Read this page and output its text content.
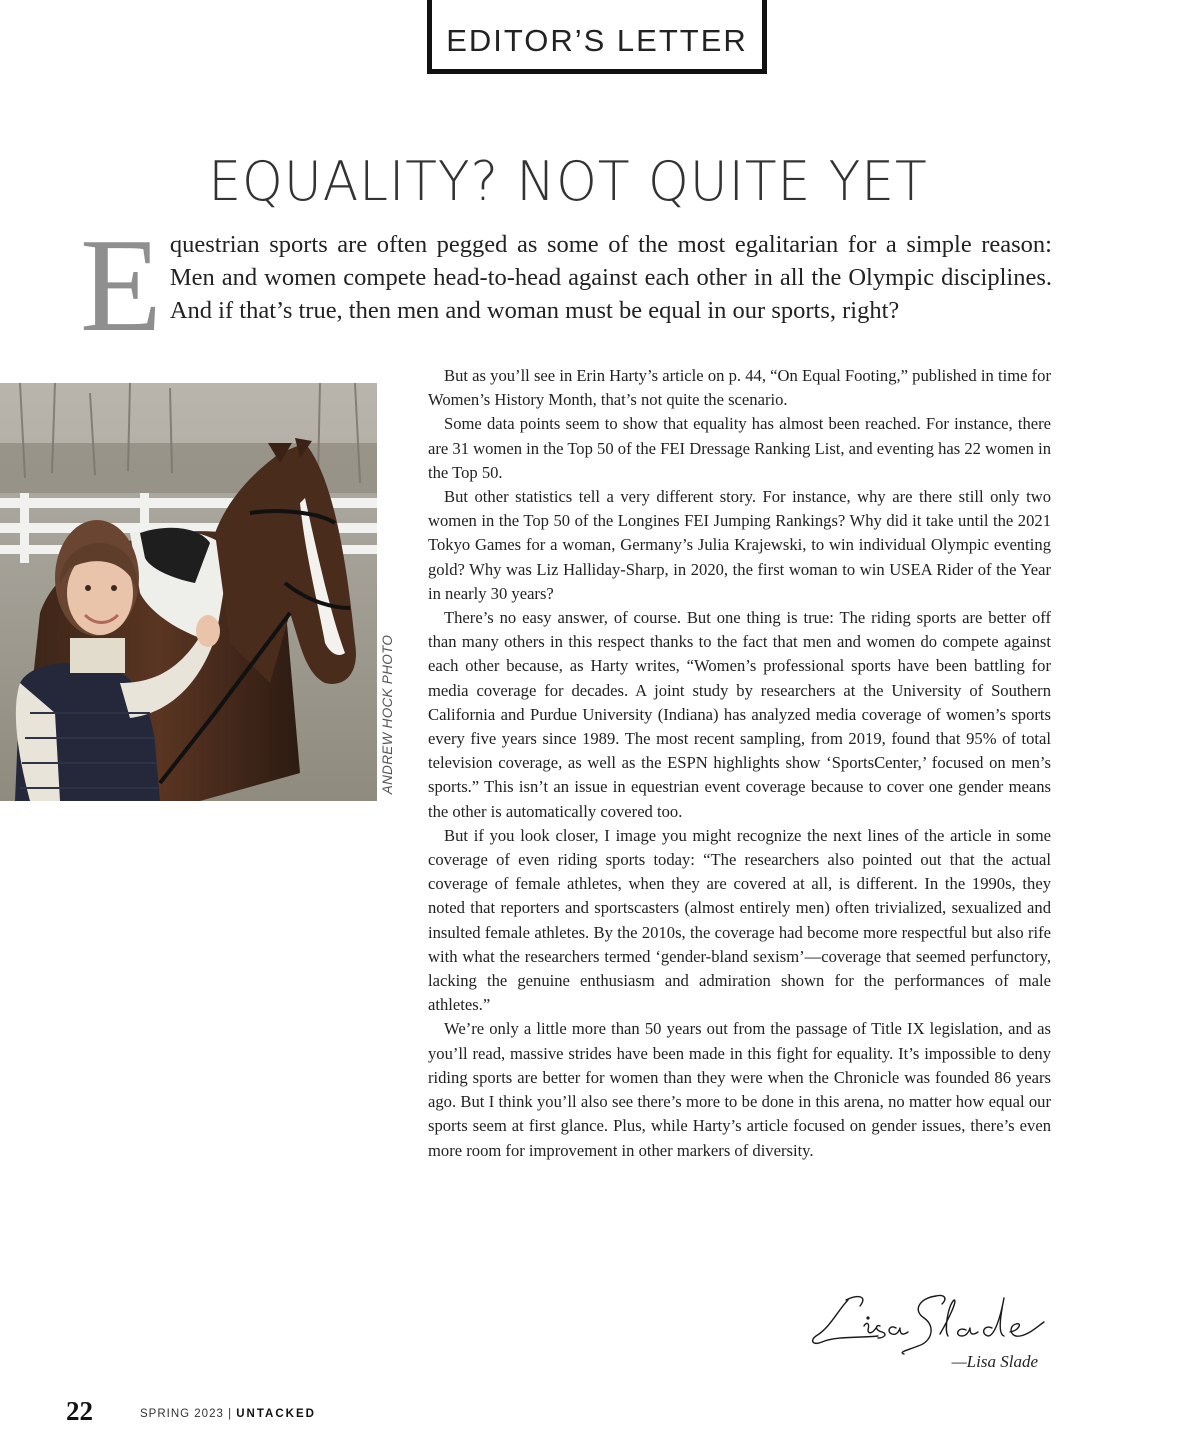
EDITOR’S LETTER
EQUALITY? NOT QUITE YET

Equestrian sports are often pegged as some of the most egalitarian for a simple reason: Men and women compete head-to-head against each other in all the Olympic disciplines. And if that’s true, then men and woman must be equal in our sports, right?

ANDREW HOCK PHOTO

But as you’ll see in Erin Harty’s article on p. 44, “On Equal Footing,” published in time for Women’s History Month, that’s not quite the scenario.

Some data points seem to show that equality has almost been reached. For instance, there are 31 women in the Top 50 of the FEI Dressage Ranking List, and eventing has 22 women in the Top 50.

But other statistics tell a very different story. For instance, why are there still only two women in the Top 50 of the Longines FEI Jumping Rankings? Why did it take until the 2021 Tokyo Games for a woman, Germany’s Julia Krajewski, to win individual Olympic eventing gold? Why was Liz Halliday-Sharp, in 2020, the first woman to win USEA Rider of the Year in nearly 30 years?

There’s no easy answer, of course. But one thing is true: The riding sports are better off than many others in this respect thanks to the fact that men and women do compete against each other because, as Harty writes, “Women’s professional sports have been battling for media coverage for decades. A joint study by researchers at the University of Southern California and Purdue University (Indiana) has analyzed media coverage of women’s sports every five years since 1989. The most recent sampling, from 2019, found that 95% of total television coverage, as well as the ESPN highlights show ‘SportsCenter,’ focused on men’s sports.” This isn’t an issue in equestrian event coverage because to cover one gender means the other is automatically covered too.

But if you look closer, I image you might recognize the next lines of the article in some coverage of even riding sports today: “The researchers also pointed out that the actual coverage of female athletes, when they are covered at all, is different. In the 1990s, they noted that reporters and sportscasters (almost entirely men) often trivialized, sexualized and insulted female athletes. By the 2010s, the coverage had become more respectful but also rife with what the researchers termed ‘gender-bland sexism’—coverage that seemed perfunctory, lacking the genuine enthusiasm and admiration shown for the performances of male athletes.”

We’re only a little more than 50 years out from the passage of Title IX legislation, and as you’ll read, massive strides have been made in this fight for equality. It’s impossible to deny riding sports are better for women than they were when the Chronicle was founded 86 years ago. But I think you’ll also see there’s more to be done in this arena, no matter how equal our sports seem at first glance. Plus, while Harty’s article focused on gender issues, there’s even more room for improvement in other markers of diversity.

—Lisa Slade
22	SPRING 2023 | UNTACKED
